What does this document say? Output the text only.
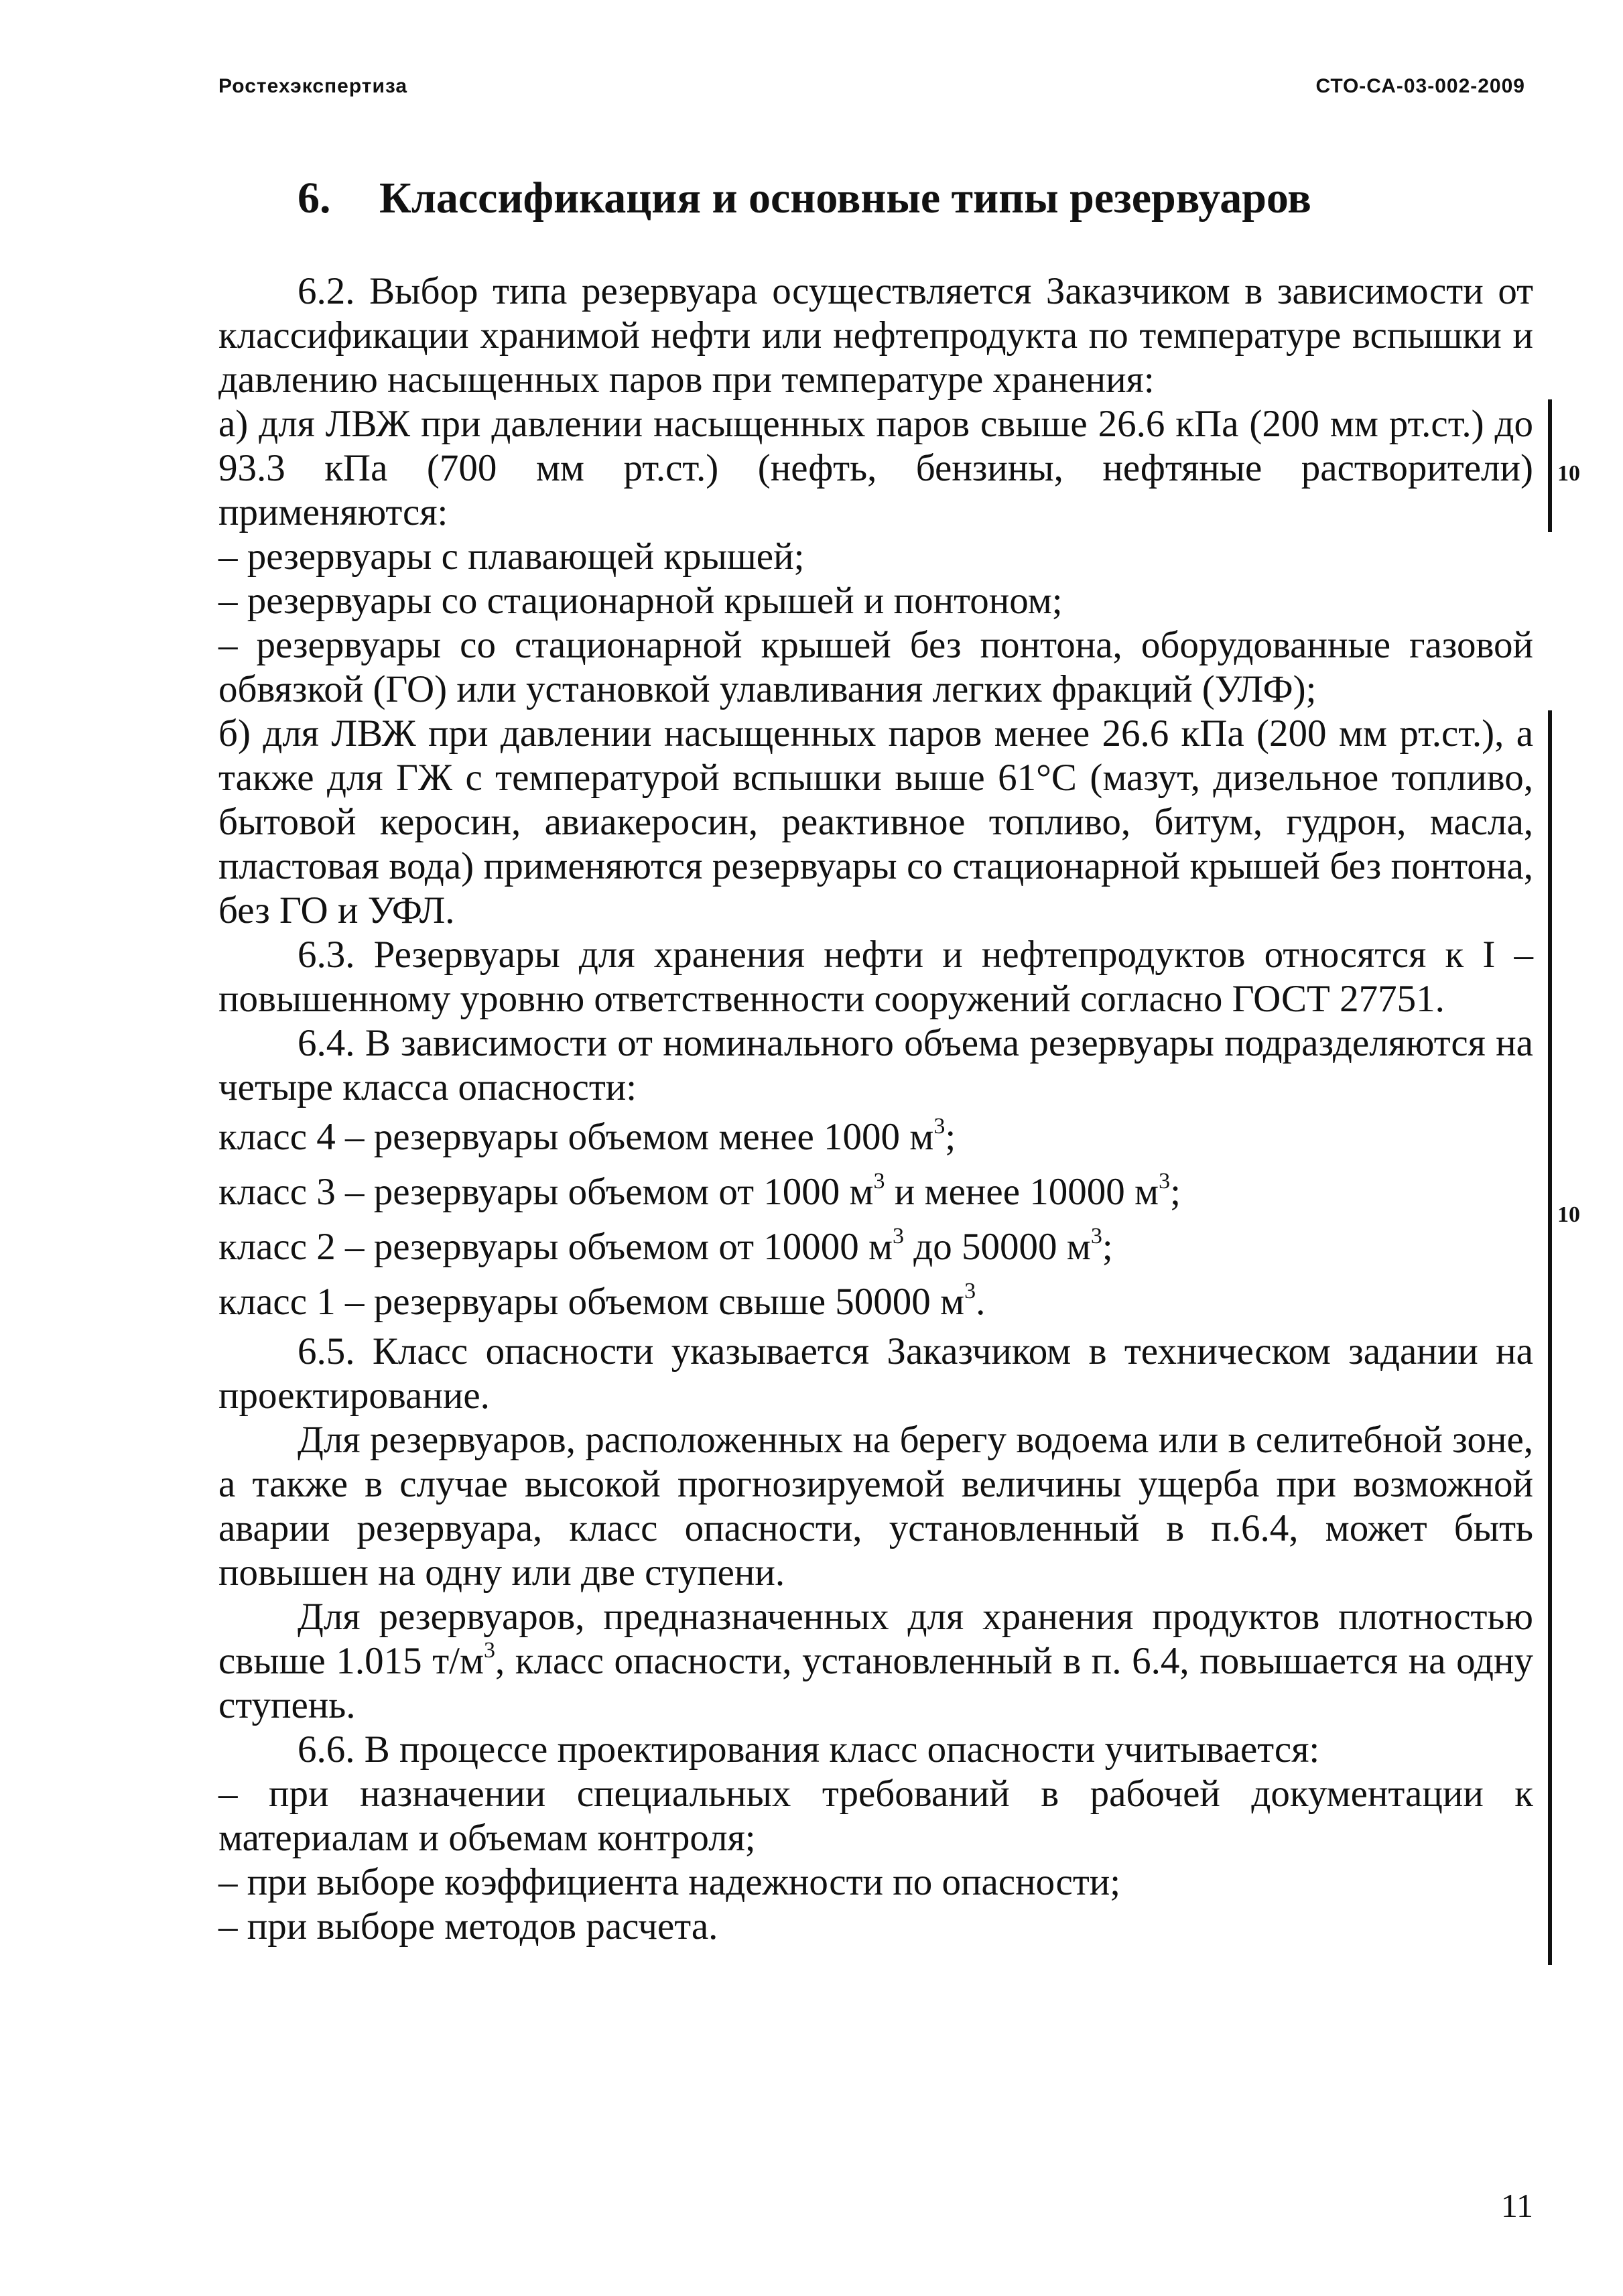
Ростехэкспертиза	СТО-СА-03-002-2009
6. Классификация и основные типы резервуаров

6.2. Выбор типа резервуара осуществляется Заказчиком в зависимости от классификации хранимой нефти или нефтепродукта по температуре вспышки и давлению насыщенных паров при температуре хранения:

а) для ЛВЖ при давлении насыщенных паров свыше 26.6 кПа (200 мм рт.ст.) до 93.3 кПа (700 мм рт.ст.) (нефть, бензины, нефтяные растворители) применяются:

– резервуары с плавающей крышей;

– резервуары со стационарной крышей и понтоном;

– резервуары со стационарной крышей без понтона, оборудованные газовой обвязкой (ГО) или установкой улавливания легких фракций (УЛФ);

б) для ЛВЖ при давлении насыщенных паров менее 26.6 кПа (200 мм рт.ст.), а также для ГЖ с температурой вспышки выше 61°С (мазут, дизельное топливо, бытовой керосин, авиакеросин, реактивное топливо, битум, гудрон, масла, пластовая вода) применяются резервуары со стационарной крышей без понтона, без ГО и УФЛ.

6.3. Резервуары для хранения нефти и нефтепродуктов относятся к I – повышенному уровню ответственности сооружений согласно ГОСТ 27751.

6.4. В зависимости от номинального объема резервуары подразделяются на четыре класса опасности:

класс 4 – резервуары объемом менее 1000 $м^3$;

класс 3 – резервуары объемом от 1000 $м^3$ и менее 10000 $м^3$;

класс 2 – резервуары объемом от 10000 $м^3$ до 50000 $м^3$;

класс 1 – резервуары объемом свыше 50000 $м^3$.

6.5. Класс опасности указывается Заказчиком в техническом задании на проектирование.

Для резервуаров, расположенных на берегу водоема или в селитебной зоне, а также в случае высокой прогнозируемой величины ущерба при возможной аварии резервуара, класс опасности, установленный в п.6.4, может быть повышен на одну или две ступени.

Для резервуаров, предназначенных для хранения продуктов плотностью свыше 1.015 $т/м^3$, класс опасности, установленный в п. 6.4, повышается на одну ступень.

6.6. В процессе проектирования класс опасности учитывается:

– при назначении специальных требований в рабочей документации к материалам и объемам контроля;

– при выборе коэффициента надежности по опасности;

– при выборе методов расчета.

10
10
11
